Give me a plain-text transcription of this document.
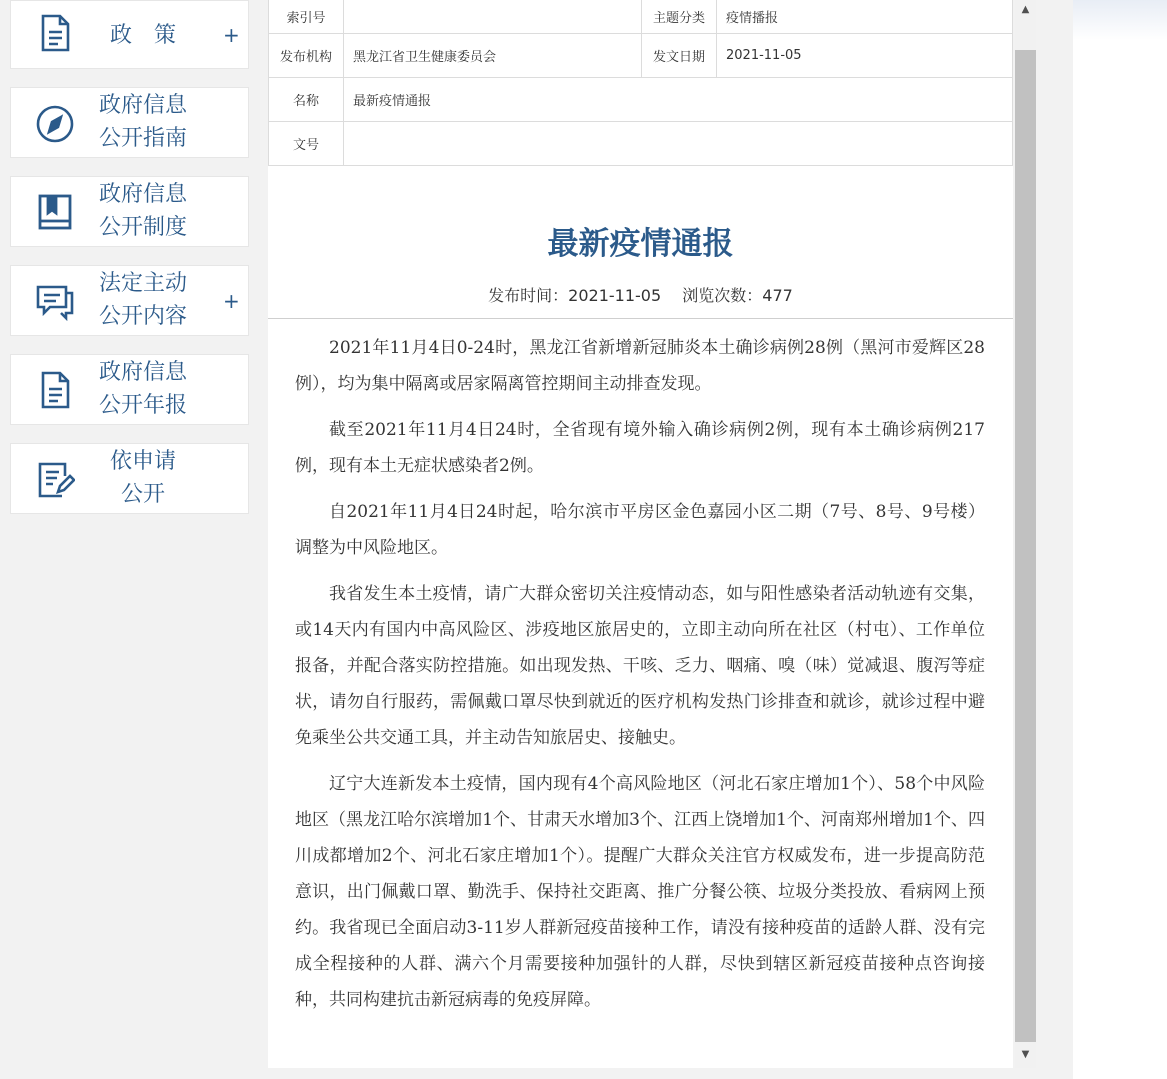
政策	+
政府信息
公开指南
政府信息
公开制度
法定主动
公开内容
+
政府信息
公开年报
依申请
公开
索引号		主题分类	疫情播报
发布机构	黑龙江省卫生健康委员会	发文日期	2021-11-05
名称	最新疫情通报		
文号			
最新疫情通报
发布时间：2021-11-05 浏览次数：477

2021年11月4日0-24时，黑龙江省新增新冠肺炎本土确诊病例28例（黑河市爱辉区28例），均为集中隔离或居家隔离管控期间主动排查发现。

截至2021年11月4日24时，全省现有境外输入确诊病例2例，现有本土确诊病例217例，现有本土无症状感染者2例。

自2021年11月4日24时起，哈尔滨市平房区金色嘉园小区二期（7号、8号、9号楼）调整为中风险地区。

我省发生本土疫情，请广大群众密切关注疫情动态，如与阳性感染者活动轨迹有交集，或14天内有国内中高风险区、涉疫地区旅居史的，立即主动向所在社区（村屯）、工作单位报备，并配合落实防控措施。如出现发热、干咳、乏力、咽痛、嗅（味）觉减退、腹泻等症状，请勿自行服药，需佩戴口罩尽快到就近的医疗机构发热门诊排查和就诊，就诊过程中避免乘坐公共交通工具，并主动告知旅居史、接触史。

辽宁大连新发本土疫情，国内现有4个高风险地区（河北石家庄增加1个）、58个中风险地区（黑龙江哈尔滨增加1个、甘肃天水增加3个、江西上饶增加1个、河南郑州增加1个、四川成都增加2个、河北石家庄增加1个）。提醒广大群众关注官方权威发布，进一步提高防范意识，出门佩戴口罩、勤洗手、保持社交距离、推广分餐公筷、垃圾分类投放、看病网上预约。我省现已全面启动3-11岁人群新冠疫苗接种工作，请没有接种疫苗的适龄人群、没有完成全程接种的人群、满六个月需要接种加强针的人群，尽快到辖区新冠疫苗接种点咨询接种，共同构建抗击新冠病毒的免疫屏障。

▲
▼
